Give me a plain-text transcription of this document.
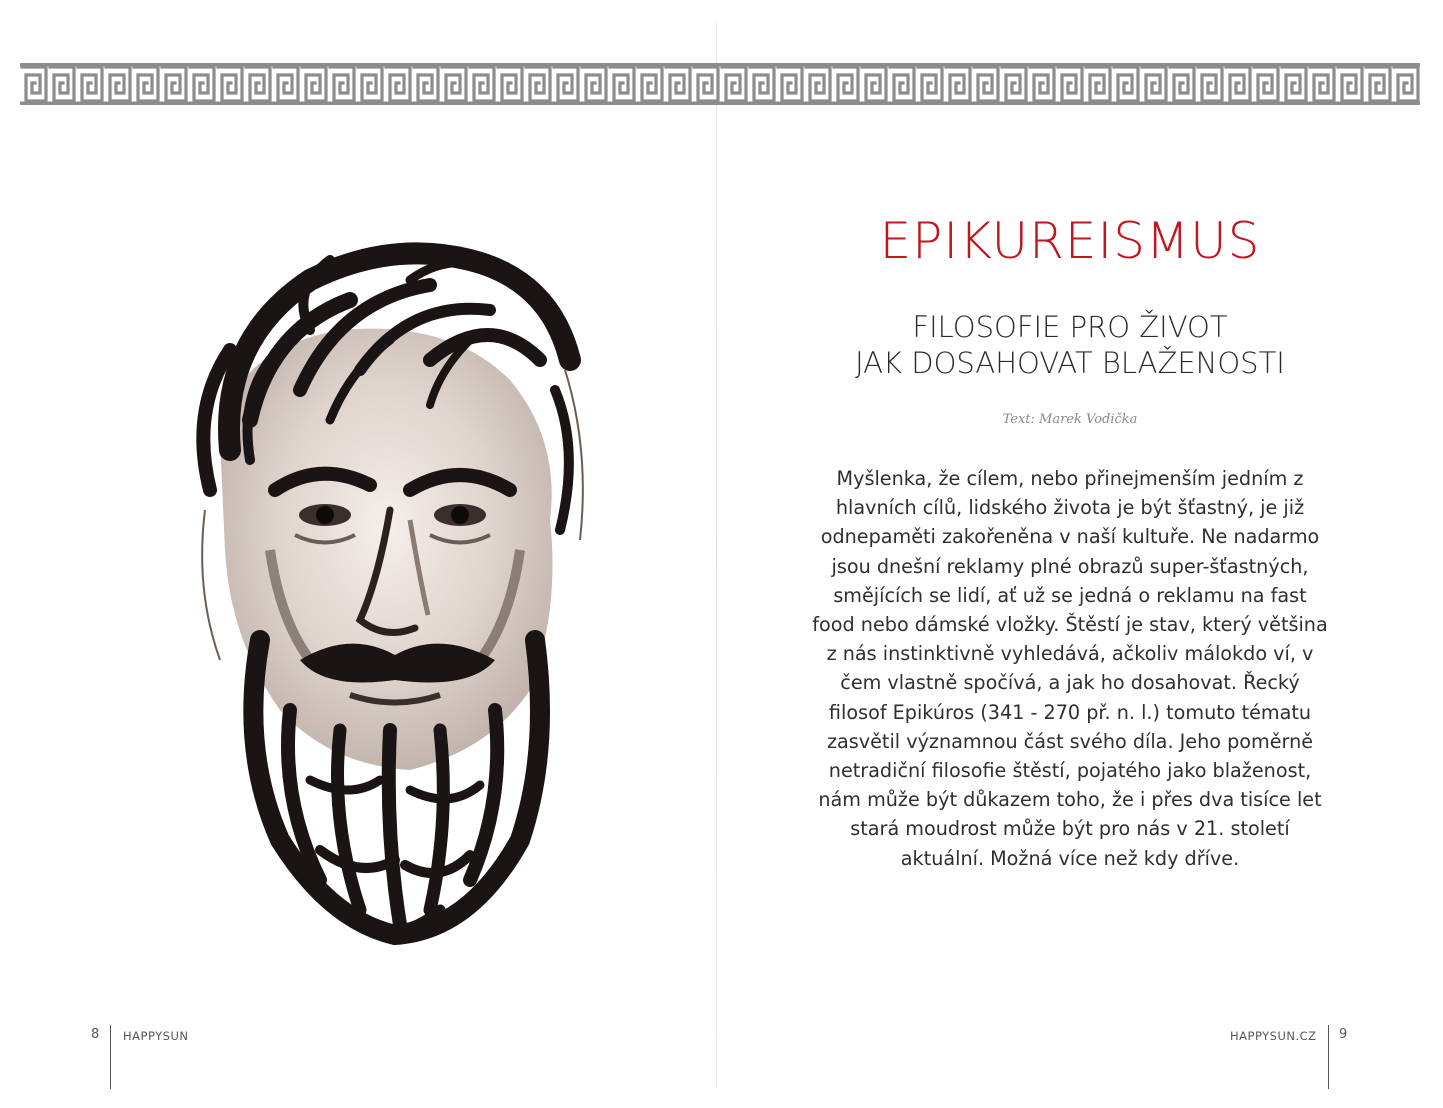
EPIKUREISMUS
FILOSOFIE PRO ŽIVOT
JAK DOSAHOVAT BLAŽENOSTI
Text: Marek Vodička
Myšlenka, že cílem, nebo přinejmenším jedním z hlavních cílů, lidského života je být šťastný, je již odnepaměti zakořeněna v naší kultuře. Ne nadarmo jsou dnešní reklamy plné obrazů super-šťastných, smějících se lidí, ať už se jedná o reklamu na fast food nebo dámské vložky. Štěstí je stav, který většina z nás instinktivně vyhledává, ačkoliv málokdo ví, v čem vlastně spočívá, a jak ho dosahovat. Řecký filosof Epikúros (341 - 270 př. n. l.) tomuto tématu zasvětil významnou část svého díla. Jeho poměrně netradiční filosofie štěstí, pojatého jako blaženost, nám může být důkazem toho, že i přes dva tisíce let stará moudrost může být pro nás v 21. století aktuální. Možná více než kdy dříve.
8 HAPPYSUN	HAPPYSUN.CZ 9
